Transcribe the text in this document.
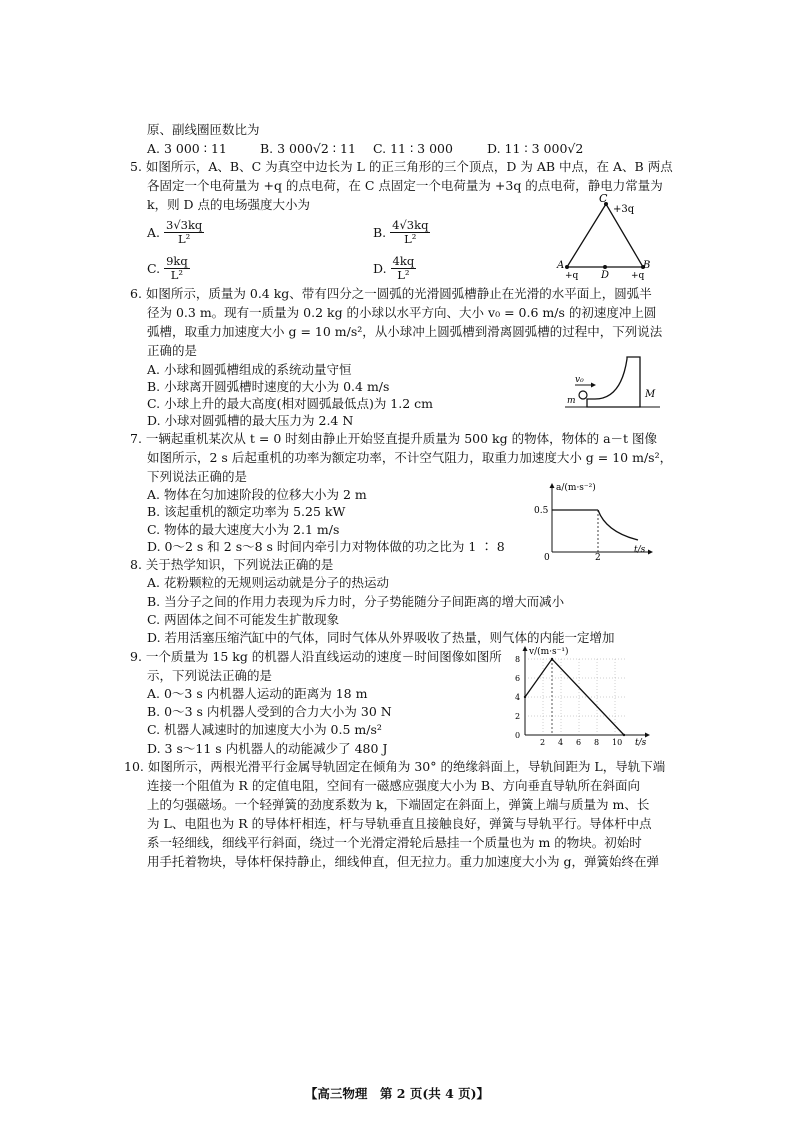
原、副线圈匝数比为
A. 3 000 ∶ 11	B. 3 000√2 ∶ 11 C. 11 ∶ 3 000	D. 11 ∶ 3 000√2
5. 如图所示，A、B、C 为真空中边长为 L 的正三角形的三个顶点，D 为 AB 中点，在 A、B 两点
各固定一个电荷量为 +q 的点电荷，在 C 点固定一个电荷量为 +3q 的点电荷，静电力常量为
k，则 D 点的电场强度大小为
A. $\frac{3√3kq}{\text{L²}}$	B. $\frac{4√3kq}{\text{L²}}$
C. $\frac{9kq}{\text{L²}}$	D. $\frac{4kq}{\text{L²}}$
C
+3q
A
+q D
B
+q
6. 如图所示，质量为 0.4 kg、带有四分之一圆弧的光滑圆弧槽静止在光滑的水平面上，圆弧半
径为 0.3 m。现有一质量为 0.2 kg 的小球以水平方向、大小 v₀ = 0.6 m/s 的初速度冲上圆
弧槽，取重力加速度大小 g = 10 m/s²，从小球冲上圆弧槽到滑离圆弧槽的过程中，下列说法
正确的是
A. 小球和圆弧槽组成的系统动量守恒
B. 小球离开圆弧槽时速度的大小为 0.4 m/s
C. 小球上升的最大高度(相对圆弧最低点)为 1.2 cm
D. 小球对圆弧槽的最大压力为 2.4 N
v₀
m
M
7. 一辆起重机某次从 t = 0 时刻由静止开始竖直提升质量为 500 kg 的物体，物体的 a－t 图像
如图所示，2 s 后起重机的功率为额定功率，不计空气阻力，取重力加速度大小 g = 10 m/s²，
下列说法正确的是
A. 物体在匀加速阶段的位移大小为 2 m
B. 该起重机的额定功率为 5.25 kW
C. 物体的最大速度大小为 2.1 m/s
D. 0～2 s 和 2 s～8 s 时间内牵引力对物体做的功之比为 1 ∶ 8
a/(m·s⁻²)
0.5
0	2
t/s
8. 关于热学知识，下列说法正确的是
A. 花粉颗粒的无规则运动就是分子的热运动
B. 当分子之间的作用力表现为斥力时，分子势能随分子间距离的增大而减小
C. 两固体之间不可能发生扩散现象
D. 若用活塞压缩汽缸中的气体，同时气体从外界吸收了热量，则气体的内能一定增加
9. 一个质量为 15 kg 的机器人沿直线运动的速度－时间图像如图所
示，下列说法正确的是
A. 0～3 s 内机器人运动的距离为 18 m
B. 0～3 s 内机器人受到的合力大小为 30 N
C. 机器人减速时的加速度大小为 0.5 m/s²
D. 3 s～11 s 内机器人的动能减少了 480 J
v/(m·s⁻¹)
t/s
8
6
4
2
0
2 4 6 8 10
10. 如图所示，两根光滑平行金属导轨固定在倾角为 30° 的绝缘斜面上，导轨间距为 L，导轨下端
连接一个阻值为 R 的定值电阻，空间有一磁感应强度大小为 B、方向垂直导轨所在斜面向
上的匀强磁场。一个轻弹簧的劲度系数为 k，下端固定在斜面上，弹簧上端与质量为 m、长
为 L、电阻也为 R 的导体杆相连，杆与导轨垂直且接触良好，弹簧与导轨平行。导体杆中点
系一轻细线，细线平行斜面，绕过一个光滑定滑轮后悬挂一个质量也为 m 的物块。初始时
用手托着物块，导体杆保持静止，细线伸直，但无拉力。重力加速度大小为 g，弹簧始终在弹
【高三物理　第 2 页(共 4 页)】
